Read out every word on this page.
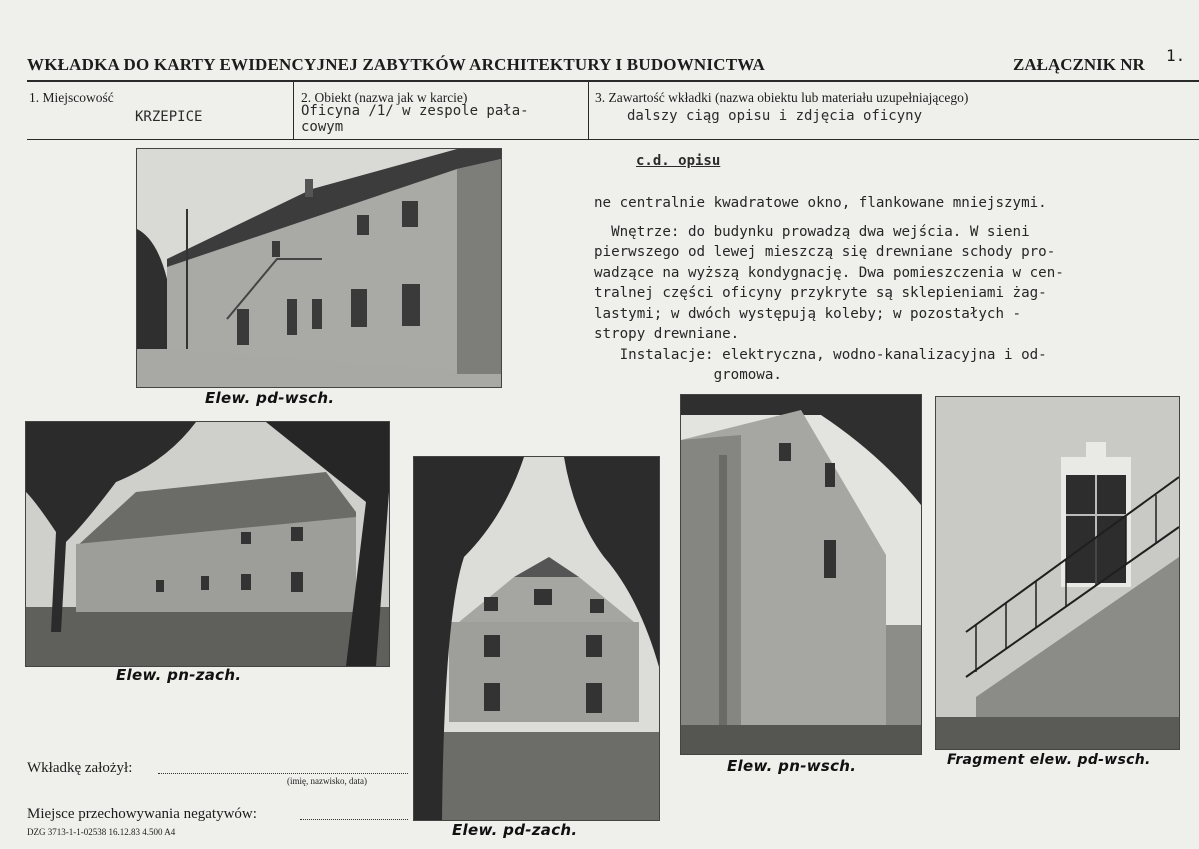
WKŁADKA DO KARTY EWIDENCYJNEJ ZABYTKÓW ARCHITEKTURY I BUDOWNICTWA	ZAŁĄCZNIK NR 1.
1. Miejscowość
KRZEPICE
2. Obiekt (nazwa jak w karcie)
Oficyna /1/ w zespole pała-
cowym
3. Zawartość wkładki (nazwa obiektu lub materiału uzupełniającego)
dalszy ciąg opisu i zdjęcia oficyny
c.d. opisu
ne centralnie kwadratowe okno, flankowane mniejszymi.
Wnętrze: do budynku prowadzą dwa wejścia. W sieni
pierwszego od lewej mieszczą się drewniane schody pro-
wadzące na wyższą kondygnację. Dwa pomieszczenia w cen-
tralnej części oficyny przykryte są sklepieniami żag-
lastymi; w dwóch występują koleby; w pozostałych -
stropy drewniane.
Instalacje: elektryczna, wodno-kanalizacyjna i od-
gromowa.
Elew. pd-wsch.
Elew. pn-zach.
Elew. pd-zach.
Elew. pn-wsch.	Fragment elew. pd-wsch.
Wkładkę założył:
(imię, nazwisko, data)
Miejsce przechowywania negatywów:
DZG 3713-1-1-02538 16.12.83 4.500 A4
